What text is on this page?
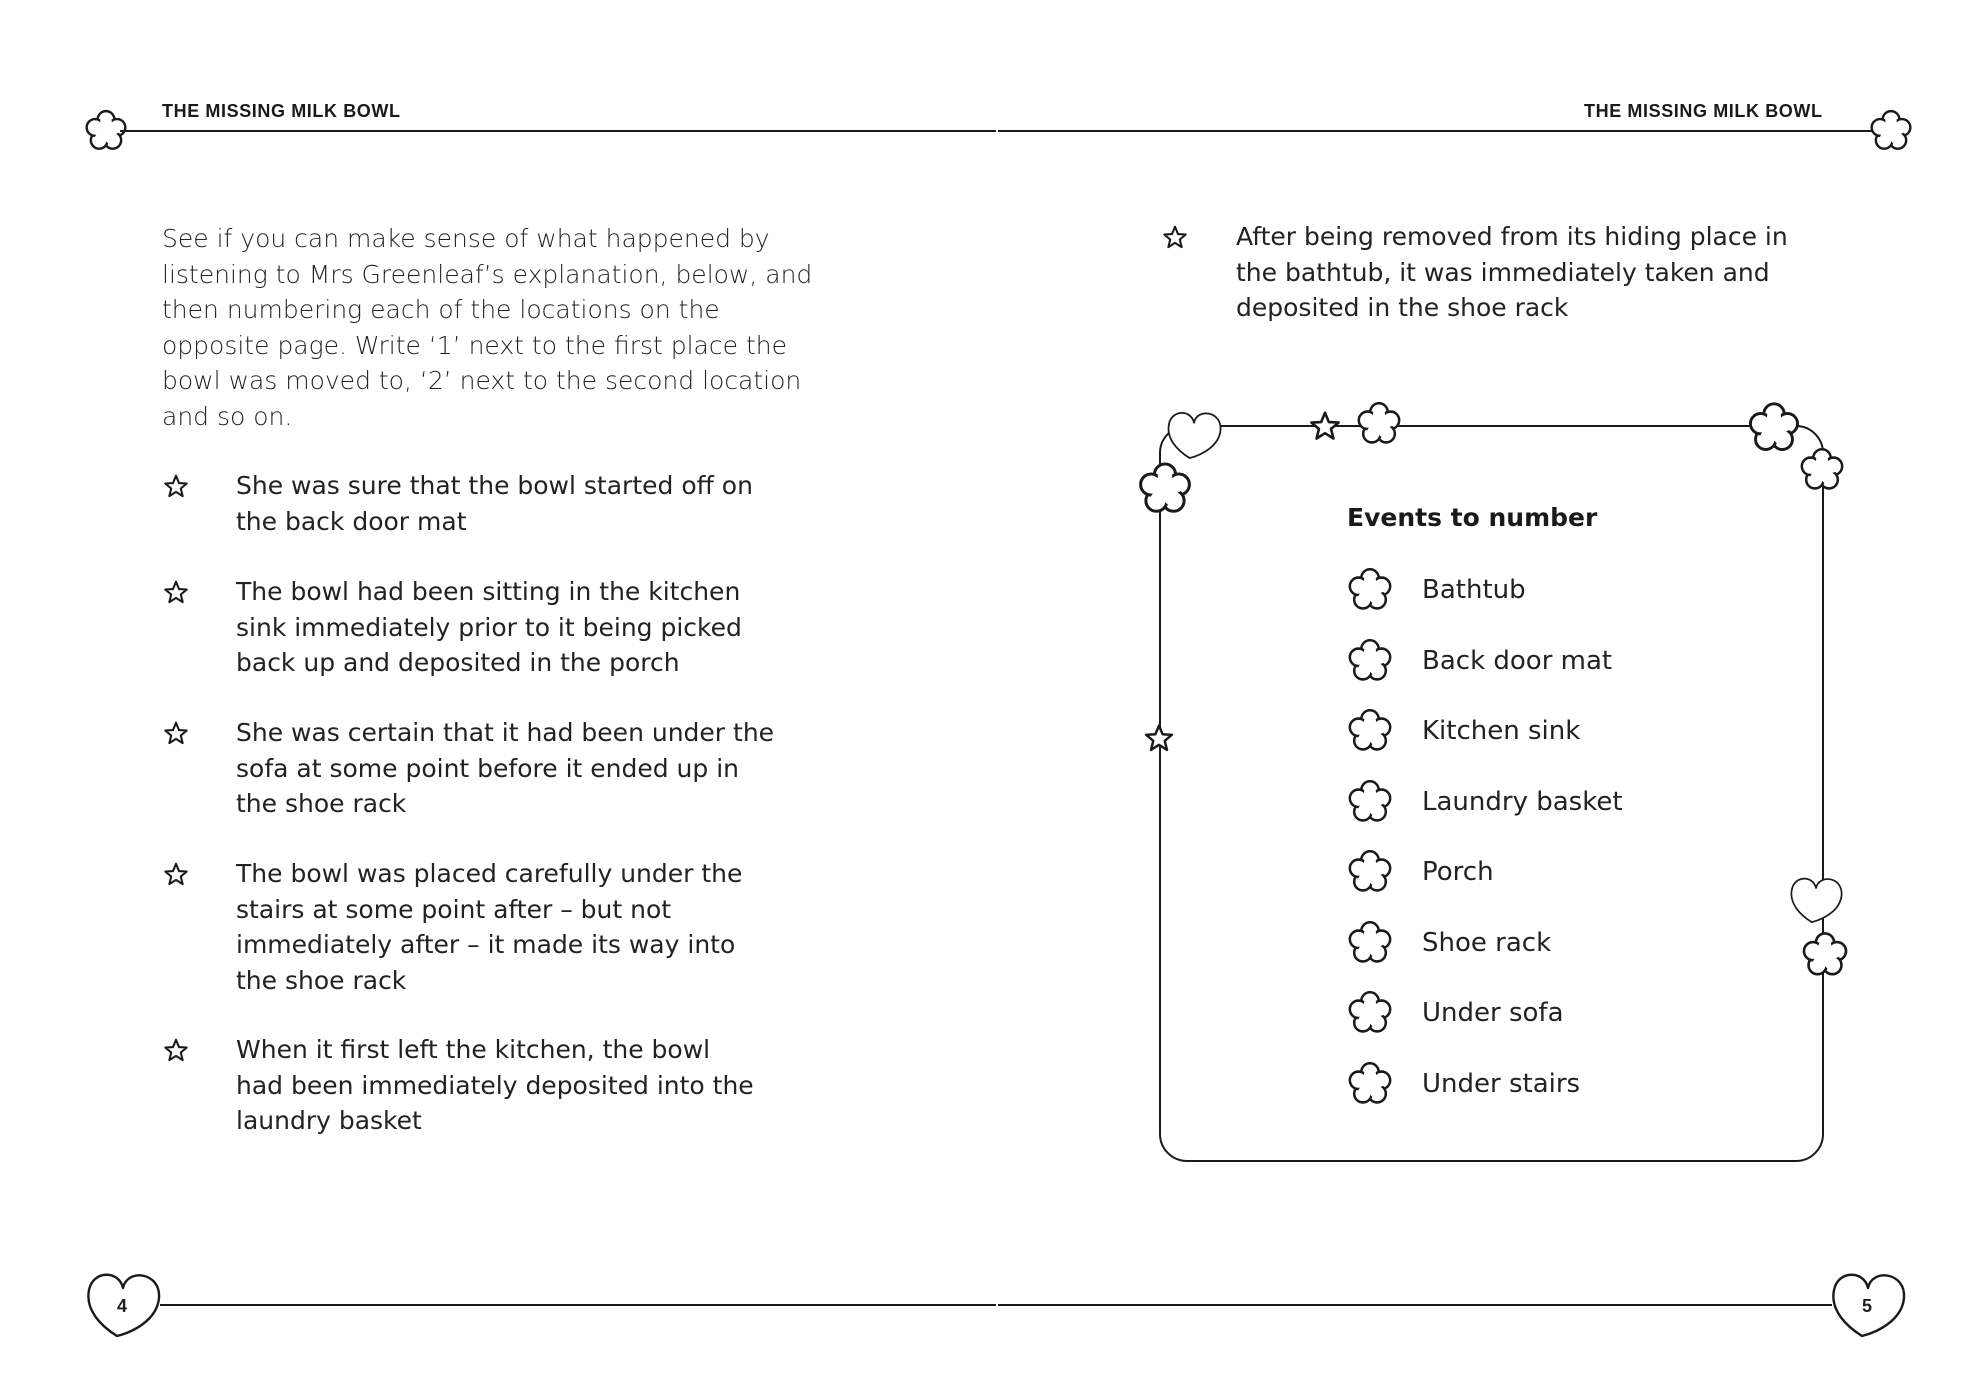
THE MISSING MILK BOWL	THE MISSING MILK BOWL
See if you can make sense of what happened by listening to Mrs Greenleaf’s explanation, below, and then numbering each of the locations on the opposite page. Write ‘1’ next to the first place the bowl was moved to, ‘2’ next to the second location and so on.
She was sure that the bowl started off on the back door mat
The bowl had been sitting in the kitchen sink immediately prior to it being picked back up and deposited in the porch
She was certain that it had been under the sofa at some point before it ended up in the shoe rack
The bowl was placed carefully under the stairs at some point after – but not immediately after – it made its way into the shoe rack
When it first left the kitchen, the bowl had been immediately deposited into the laundry basket
After being removed from its hiding place in the bathtub, it was immediately taken and deposited in the shoe rack
Events to number
Bathtub
Back door mat
Kitchen sink
Laundry basket
Porch
Shoe rack
Under sofa
Under stairs
4	5
